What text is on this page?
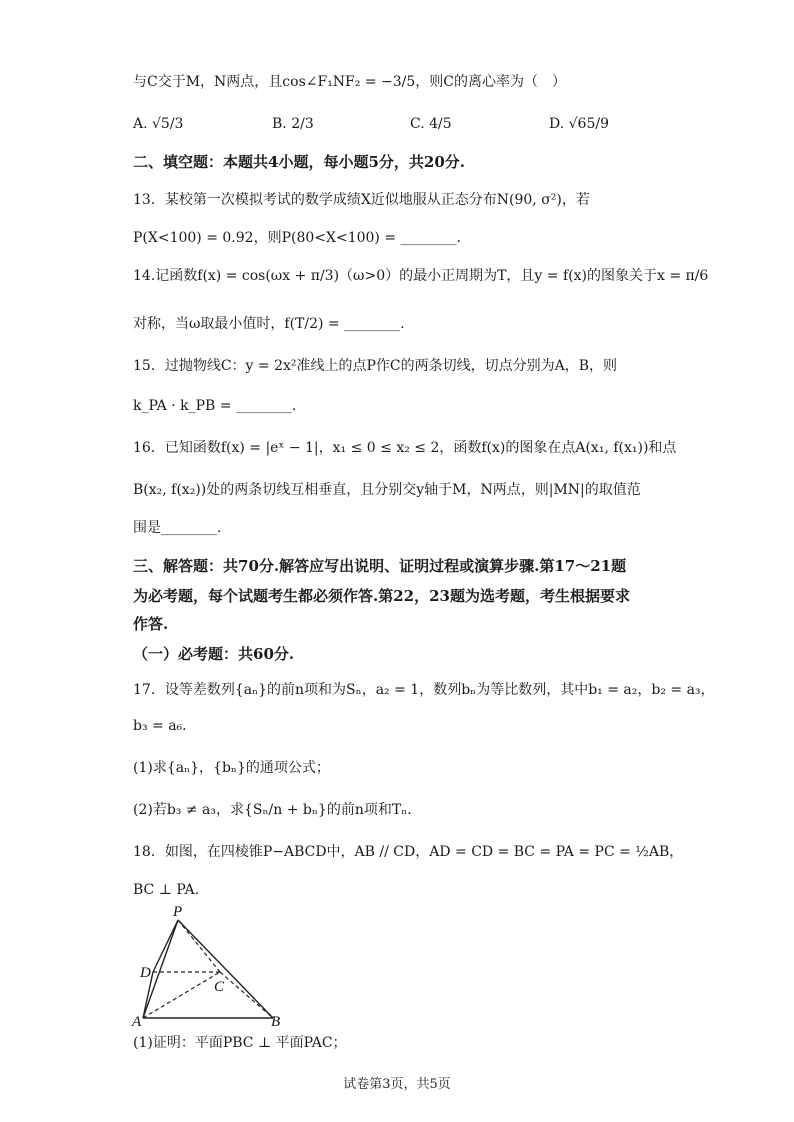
与C交于M，N两点，且cos∠F₁NF₂ = −3/5，则C的离心率为（　）
A. √5/3	B. 2/3	C. 4/5	D. √65/9
二、填空题：本题共4小题，每小题5分，共20分.
13．某校第一次模拟考试的数学成绩X近似地服从正态分布N(90, σ²)，若
P(X<100) = 0.92，则P(80<X<100) = ________.
14.记函数f(x) = cos(ωx + π/3)（ω>0）的最小正周期为T，且y = f(x)的图象关于x = π/6
对称，当ω取最小值时，f(T/2) = ________.
15．过抛物线C：y = 2x²准线上的点P作C的两条切线，切点分别为A，B，则
k_PA · k_PB = ________.
16．已知函数f(x) = |eˣ − 1|，x₁ ≤ 0 ≤ x₂ ≤ 2，函数f(x)的图象在点A(x₁, f(x₁))和点
B(x₂, f(x₂))处的两条切线互相垂直，且分别交y轴于M，N两点，则|MN|的取值范
围是________.
三、解答题：共70分.解答应写出说明、证明过程或演算步骤.第17～21题
为必考题，每个试题考生都必须作答.第22，23题为选考题，考生根据要求
作答.
（一）必考题：共60分.
17．设等差数列{aₙ}的前n项和为Sₙ，a₂ = 1，数列bₙ为等比数列，其中b₁ = a₂，b₂ = a₃，
b₃ = a₆.
(1)求{aₙ}，{bₙ}的通项公式；
(2)若b₃ ≠ a₃，求{Sₙ/n + bₙ}的前n项和Tₙ.
18．如图，在四棱锥P−ABCD中，AB // CD，AD = CD = BC = PA = PC = ½AB，
BC ⊥ PA.
P
D
C
A	B
(1)证明：平面PBC ⊥ 平面PAC；
试卷第3页，共5页
